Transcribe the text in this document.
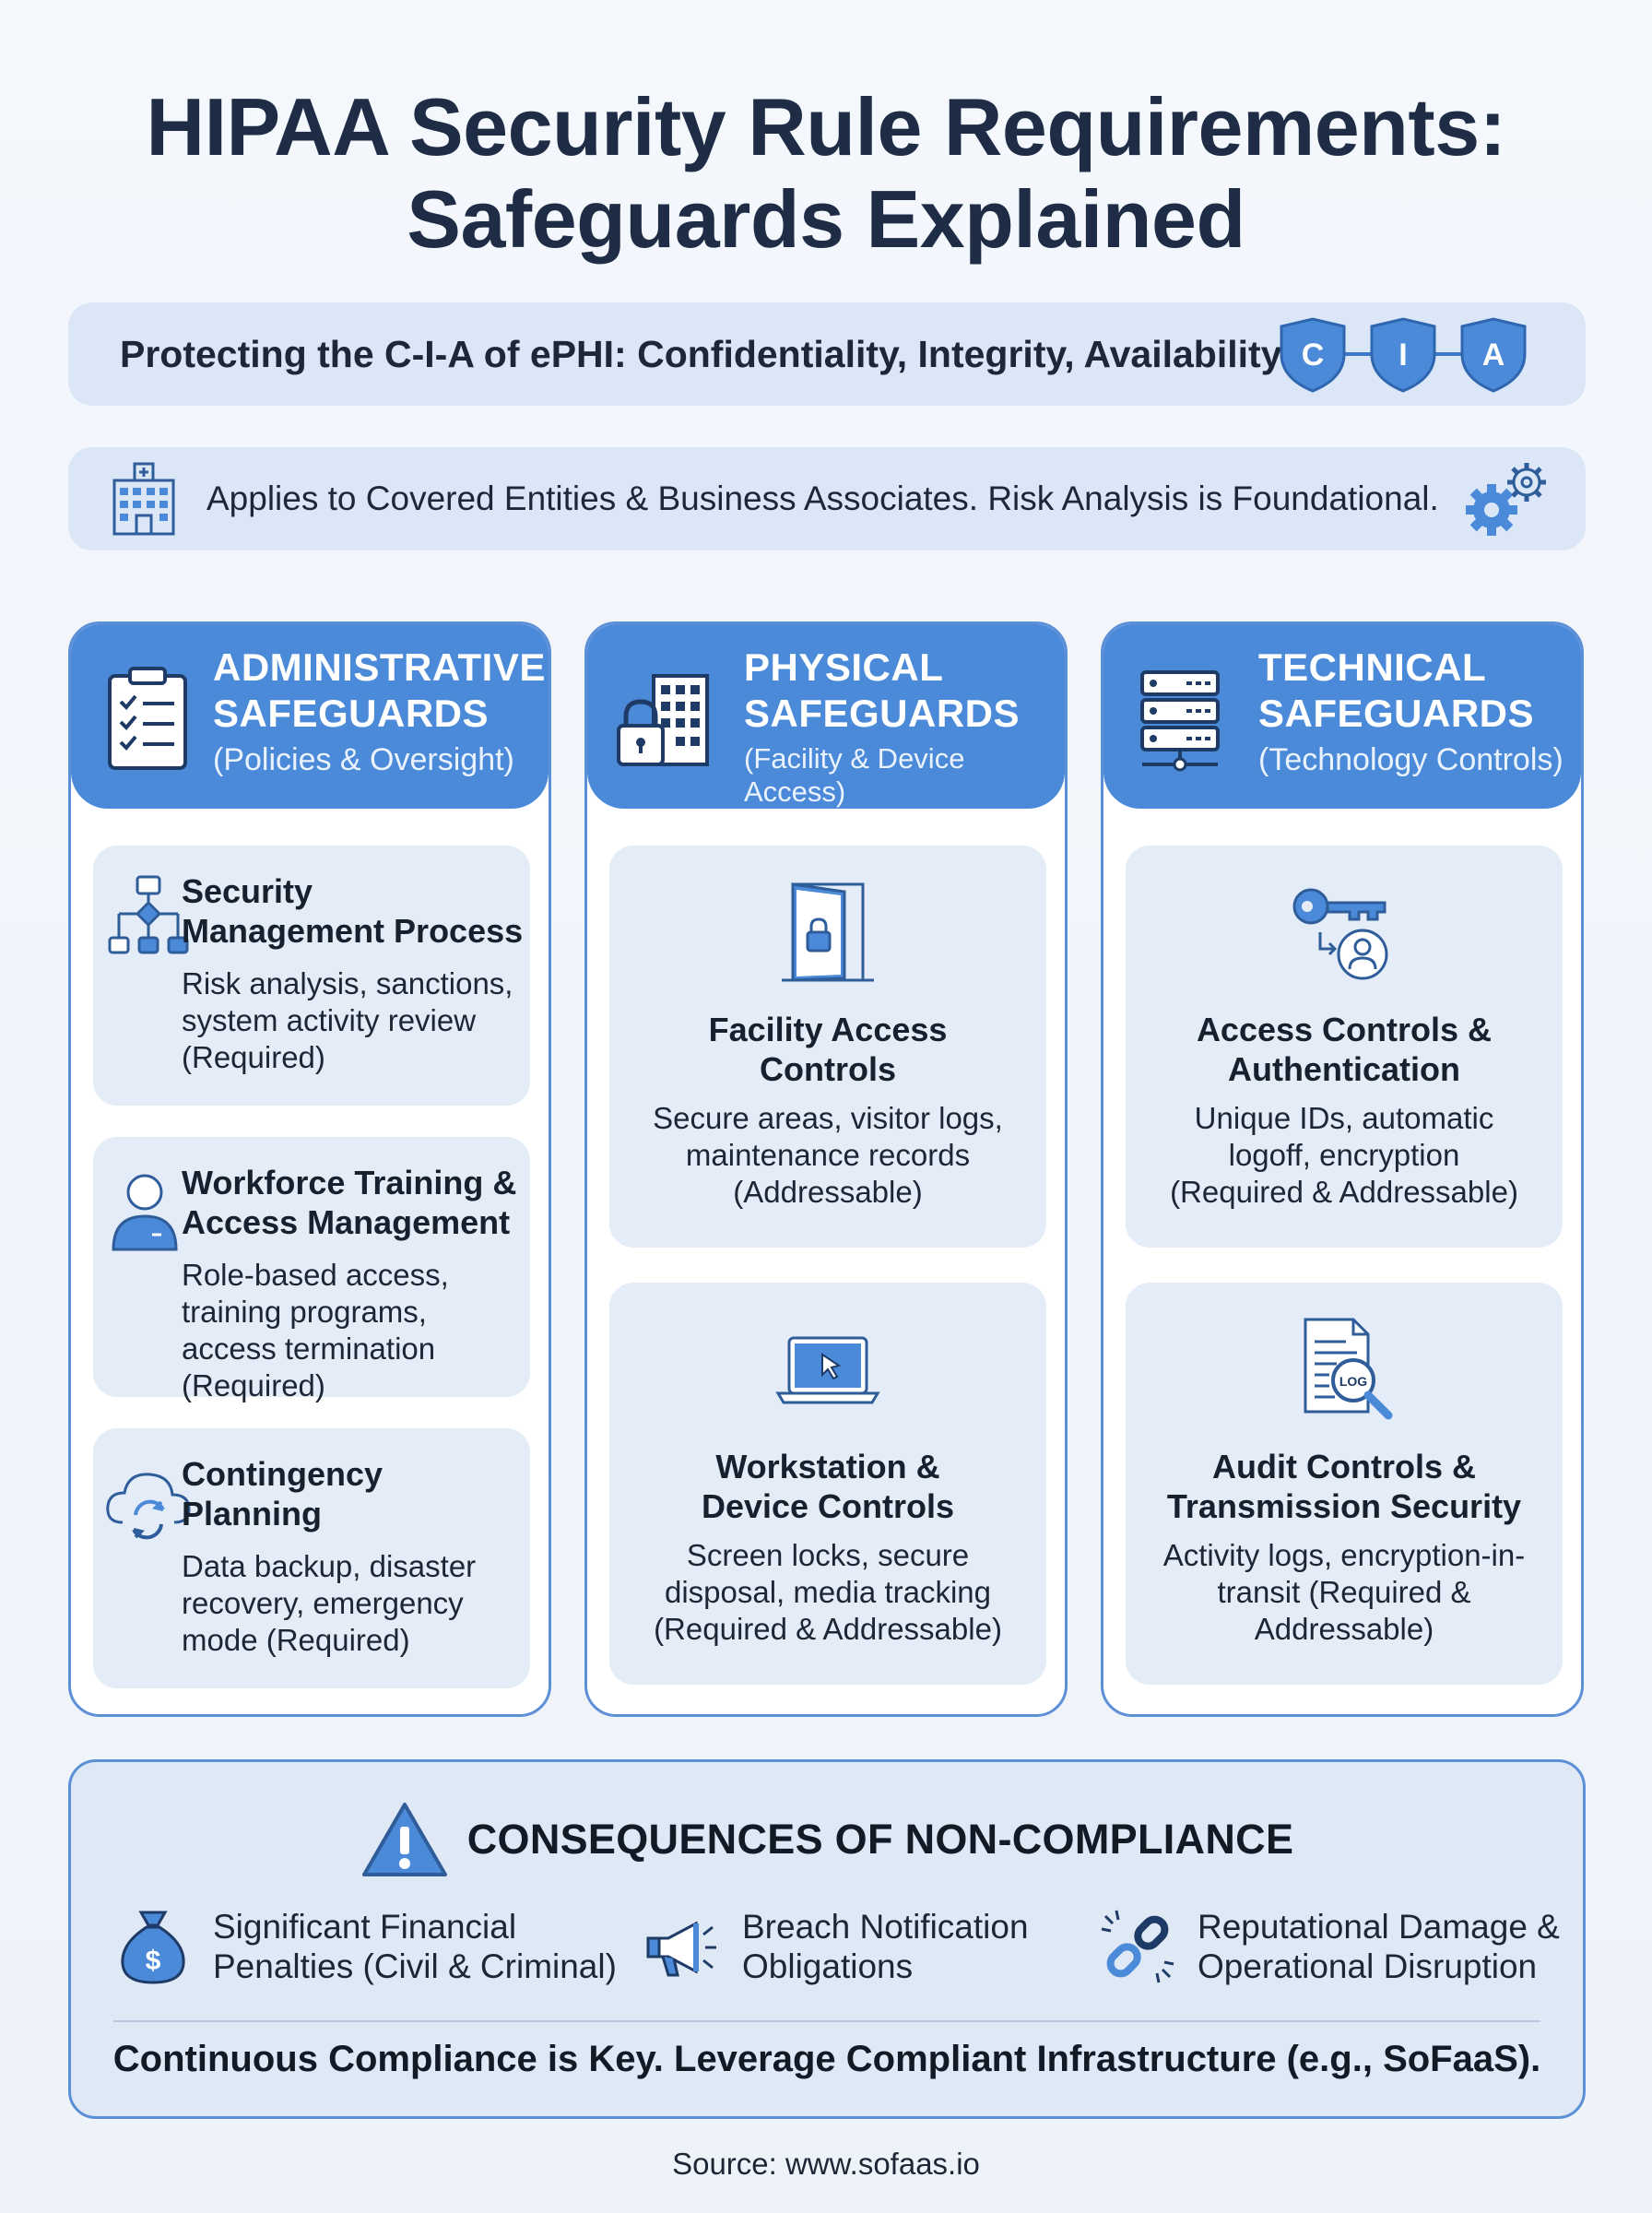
HIPAA Security Rule Requirements:
Safeguards Explained
Protecting the C-I-A of ePHI: Confidentiality, Integrity, Availability C I A
Applies to Covered Entities & Business Associates. Risk Analysis is Foundational.
ADMINISTRATIVE
SAFEGUARDS
(Policies & Oversight)
Security Management Process
Risk analysis, sanctions, system activity review (Required)
Workforce Training & Access Management
Role-based access, training programs, access termination (Required)
Contingency Planning
Data backup, disaster recovery, emergency mode (Required)
PHYSICAL
SAFEGUARDS
(Facility & Device Access)
Facility Access Controls
Secure areas, visitor logs, maintenance records (Addressable)
Workstation & Device Controls
Screen locks, secure disposal, media tracking (Required & Addressable)
TECHNICAL
SAFEGUARDS
(Technology Controls)
Access Controls & Authentication
Unique IDs, automatic logoff, encryption (Required & Addressable)
LOG
Audit Controls & Transmission Security
Activity logs, encryption-in-transit (Required & Addressable)
CONSEQUENCES OF NON-COMPLIANCE
$
Significant Financial
Penalties (Civil & Criminal)
Breach Notification
Obligations
Reputational Damage &
Operational Disruption
Continuous Compliance is Key. Leverage Compliant Infrastructure (e.g., SoFaaS).
Source: www.sofaas.io
